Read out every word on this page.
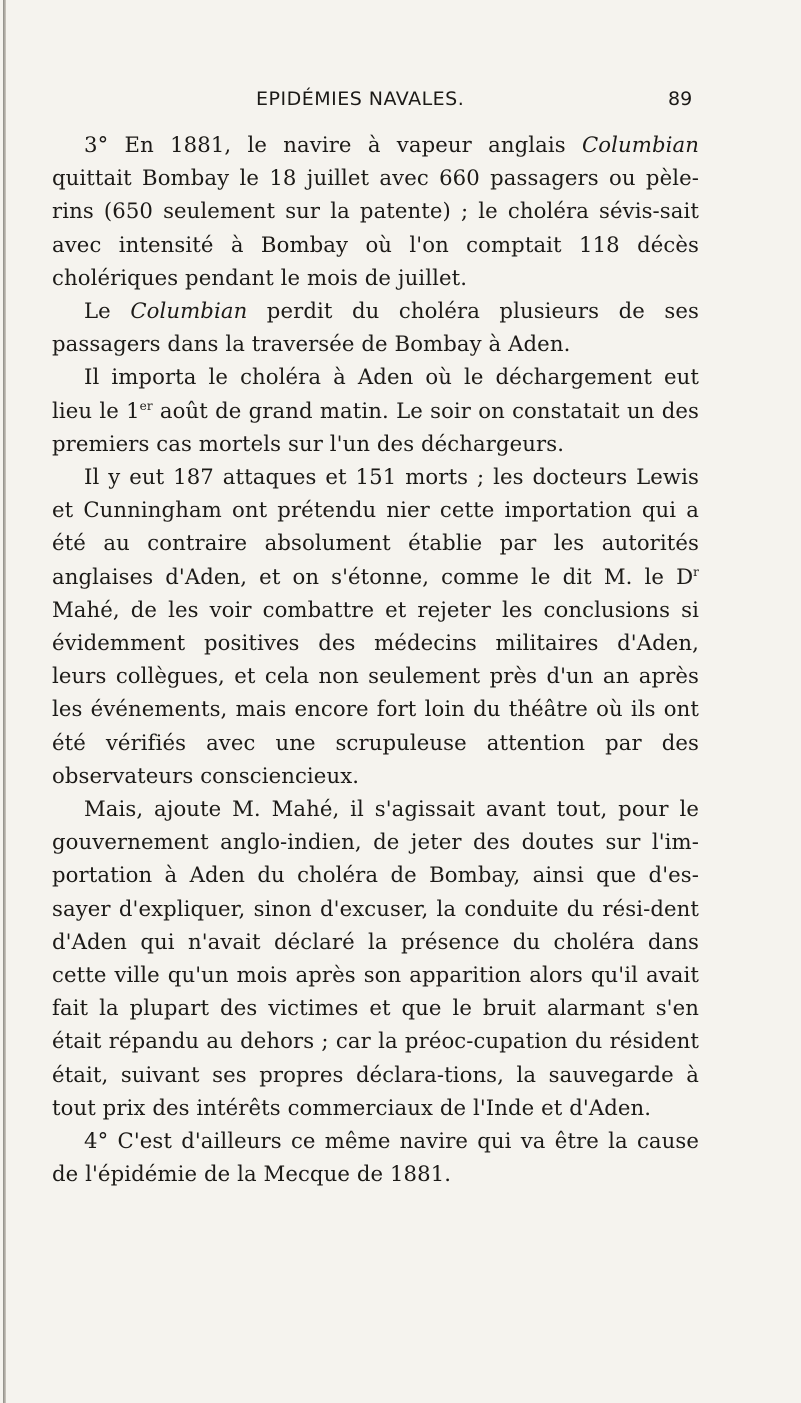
EPIDÉMIES NAVALES.	89

3° En 1881, le navire à vapeur anglais Columbian quittait Bombay le 18 juillet avec 660 passagers ou pèle-rins (650 seulement sur la patente) ; le choléra sévis-sait avec intensité à Bombay où l'on comptait 118 décès cholériques pendant le mois de juillet.

Le Columbian perdit du choléra plusieurs de ses passagers dans la traversée de Bombay à Aden.

Il importa le choléra à Aden où le déchargement eut lieu le 1er août de grand matin. Le soir on constatait un des premiers cas mortels sur l'un des déchargeurs.

Il y eut 187 attaques et 151 morts ; les docteurs Lewis et Cunningham ont prétendu nier cette importation qui a été au contraire absolument établie par les autorités anglaises d'Aden, et on s'étonne, comme le dit M. le $D^r$ Mahé, de les voir combattre et rejeter les conclusions si évidemment positives des médecins militaires d'Aden, leurs collègues, et cela non seulement près d'un an après les événements, mais encore fort loin du théâtre où ils ont été vérifiés avec une scrupuleuse attention par des observateurs consciencieux.

Mais, ajoute M. Mahé, il s'agissait avant tout, pour le gouvernement anglo-indien, de jeter des doutes sur l'im-portation à Aden du choléra de Bombay, ainsi que d'es-sayer d'expliquer, sinon d'excuser, la conduite du rési-dent d'Aden qui n'avait déclaré la présence du choléra dans cette ville qu'un mois après son apparition alors qu'il avait fait la plupart des victimes et que le bruit alarmant s'en était répandu au dehors ; car la préoc-cupation du résident était, suivant ses propres déclara-tions, la sauvegarde à tout prix des intérêts commerciaux de l'Inde et d'Aden.

4° C'est d'ailleurs ce même navire qui va être la cause de l'épidémie de la Mecque de 1881.
